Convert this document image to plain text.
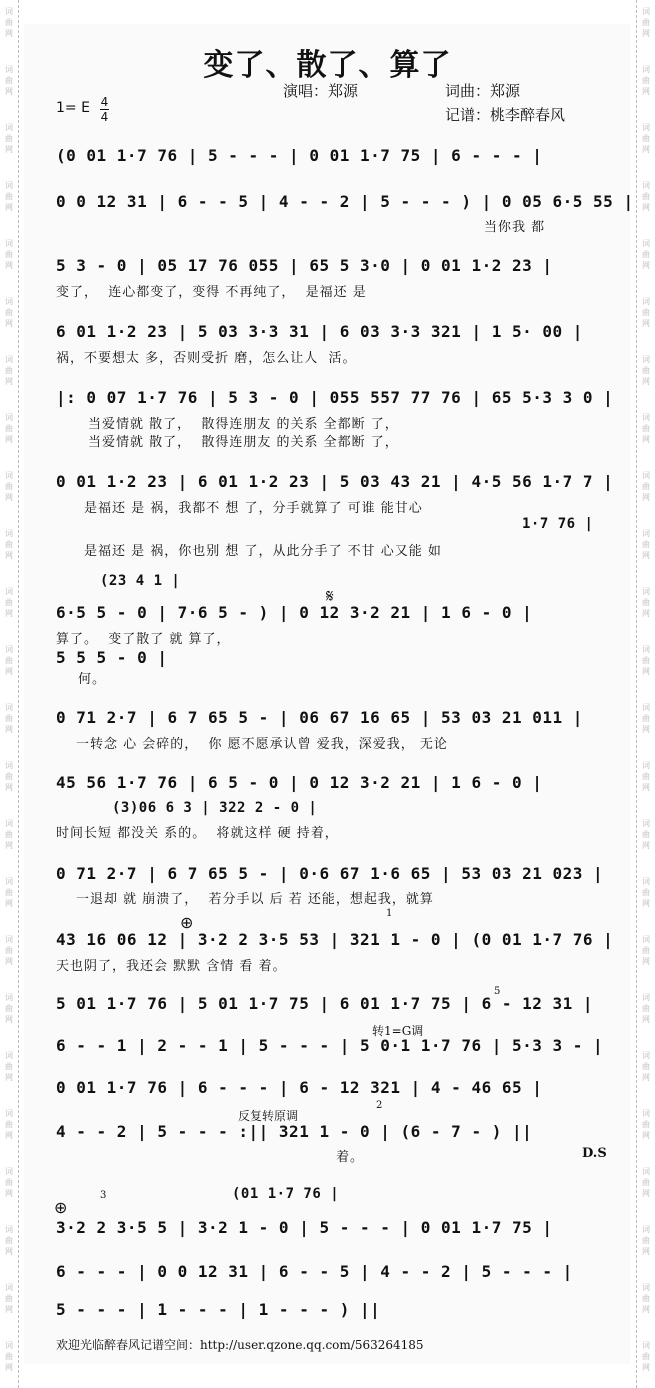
词
曲
网
词
曲
网
词
曲
网
词
曲
网
词
曲
网
词
曲
网
词
曲
网
词
曲
网
词
曲
网
词
曲
网
词
曲
网
词
曲
网
词
曲
网
词
曲
网
词
曲
网
词
曲
网
词
曲
网
词
曲
网
词
曲
网
词
曲
网
词
曲
网
词
曲
网
词
曲
网
词
曲
网
词
曲
网
词
曲
网
词
曲
网
词
曲
网
词
曲
网
词
曲
网
词
曲
网
词
曲
网
词
曲
网
词
曲
网
词
曲
网
词
曲
网
词
曲
网
词
曲
网
词
曲
网
词
曲
网
词
曲
网
词
曲
网
词
曲
网
词
曲
网
词
曲
网
词
曲
网
词
曲
网
词
曲
网
变了、散了、算了
演唱：郑源	词曲：郑源
记谱：桃李醉春风
1= E 4
4
(0 01 1·7 76 | 5 - - - | 0 01 1·7 75 | 6 - - - |
0 0 12 31 | 6 - - 5 | 4 - - 2 | 5 - - - ) | 0 05 6·5 55 |
当你我 都
5 3 - 0 | 05 17 76 055 | 65 5 3·0 | 0 01 1·2 23 |
变了，  连心都变了，变得 不再纯了，  是福还 是
6 01 1·2 23 | 5 03 3·3 31 | 6 03 3·3 321 | 1 5· 00 |
祸，不要想太 多，否则受折 磨，怎么让人  活。
|: 0 07 1·7 76 | 5 3 - 0 | 055 557 77 76 | 65 5·3 3 0 |
当爱情就 散了，  散得连朋友 的关系 全都断 了，
当爱情就 散了，  散得连朋友 的关系 全都断 了，
0 01 1·2 23 | 6 01 1·2 23 | 5 03 43 21 | 4·5 56 1·7 7 |
是福还 是 祸，我都不 想 了，分手就算了 可谁 能甘心
1·7 76 |
是福还 是 祸，你也别 想 了，从此分手了 不甘 心又能 如
(23 4 1 |
6·5 5 - 0 | 7·6 5 - ) | 0 12 3·2 21 | 1 6 - 0 |
算了。  变了散了 就 算了，
5 5 5 - 0 |
何。
0 71 2·7 | 6 7 65 5 - | 06 67 16 65 | 53 03 21 011 |
一转念 心 会碎的，  你 愿不愿承认曾 爱我，深爱我， 无论
45 56 1·7 76 | 6 5 - 0 | 0 12 3·2 21 | 1 6 - 0 |
(3)06 6 3 | 322 2 - 0 |
时间长短 都没关 系的。  将就这样 硬 持着，
0 71 2·7 | 6 7 65 5 - | 0·6 67 1·6 65 | 53 03 21 023 |
一退却 就 崩溃了，  若分手以 后 若 还能，想起我，就算
43 16 06 12 | 3·2 2 3·5 53 | 321 1 - 0 | (0 01 1·7 76 |
天也阴了，我还会 默默 含情 看 着。
5 01 1·7 76 | 5 01 1·7 75 | 6 01 1·7 75 | 6 - 12 31 |
6 - - 1 | 2 - - 1 | 5 - - - | 5 0·1 1·7 76 | 5·3 3 - |
0 01 1·7 76 | 6 - - - | 6 - 12 321 | 4 - 46 65 |
4 - - 2 | 5 - - - :|| 321 1 - 0 | (6 - 7 - ) ||
着。
(01 1·7 76 |
3·2 2 3·5 5 | 3·2 1 - 0 | 5 - - - | 0 01 1·7 75 |
6 - - - | 0 0 12 31 | 6 - - 5 | 4 - - 2 | 5 - - - |
5 - - - | 1 - - - | 1 - - - ) ||
转1=G调
反复转原调
2
1
3
5
D.S
𝄋
⊕
⊕
欢迎光临醉春风记谱空间：http://user.qzone.qq.com/563264185
